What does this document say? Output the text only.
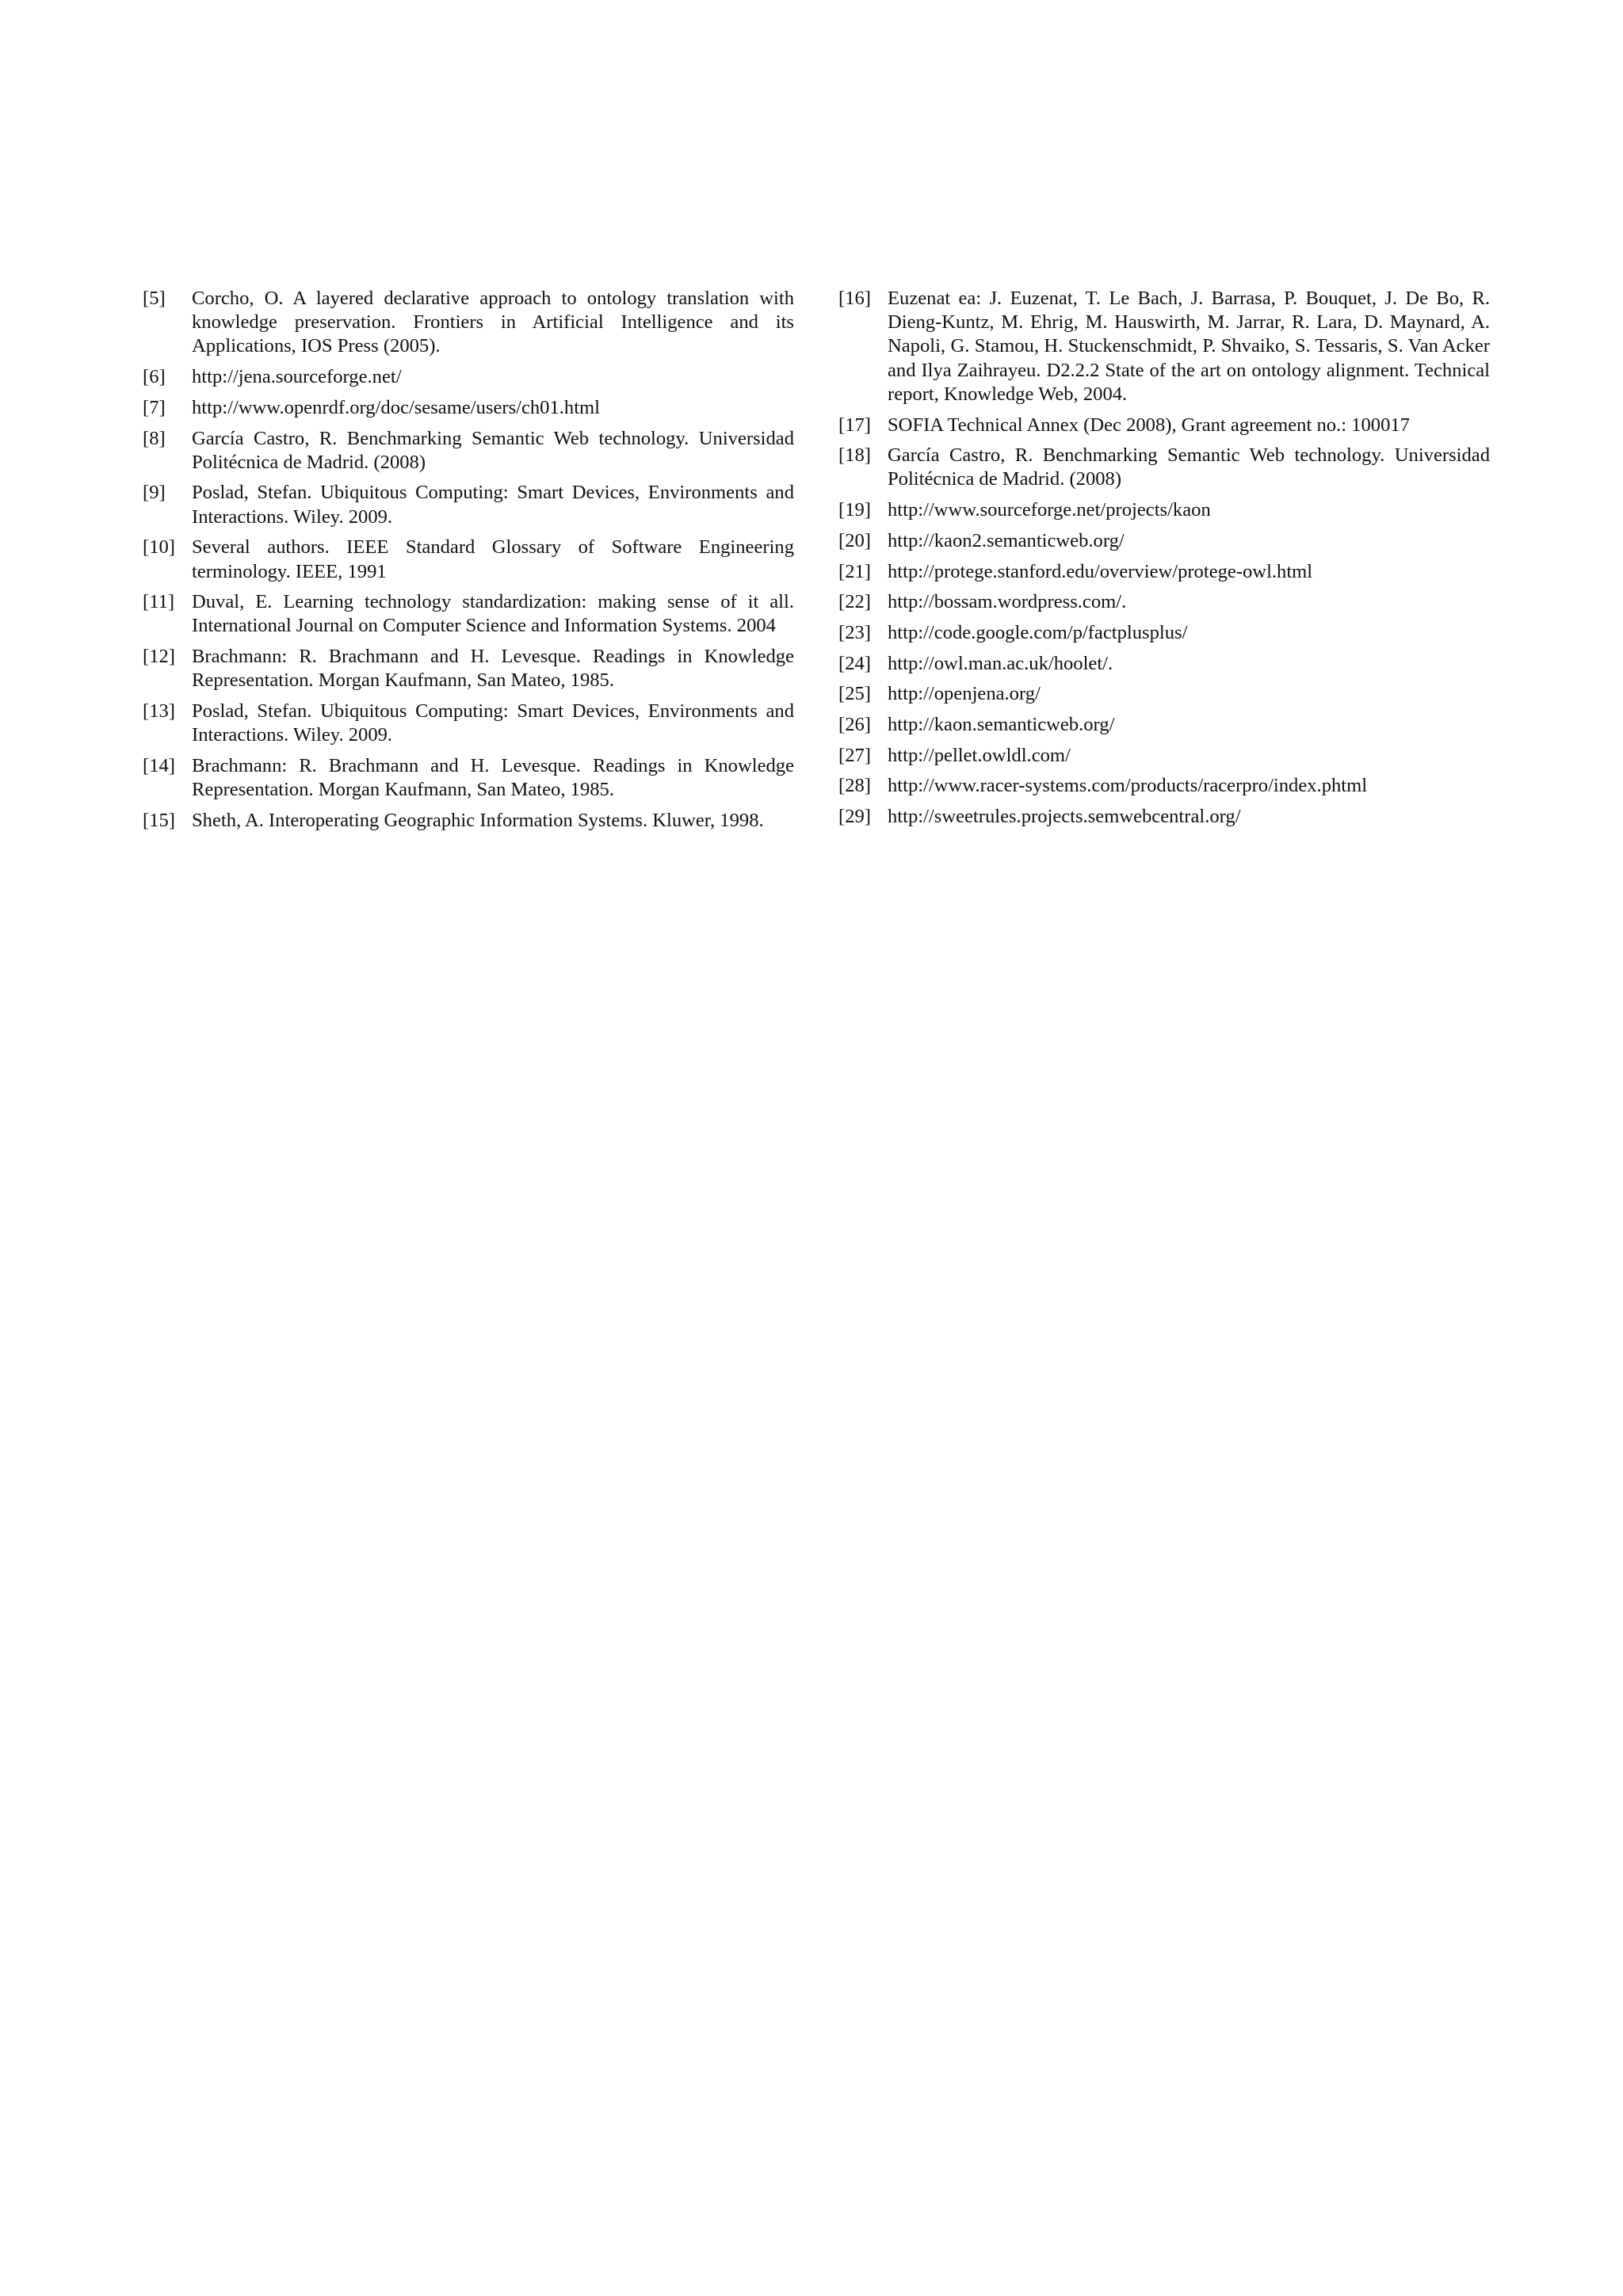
[5]	Corcho, O. A layered declarative approach to ontology translation with knowledge preservation. Frontiers in Artificial Intelligence and its Applications, IOS Press (2005).
[6]	http://jena.sourceforge.net/
[7]	http://www.openrdf.org/doc/sesame/users/ch01.html
[8]	García Castro, R. Benchmarking Semantic Web technology. Universidad Politécnica de Madrid. (2008)
[9]	Poslad, Stefan. Ubiquitous Computing: Smart Devices, Environments and Interactions. Wiley. 2009.
[10] Several authors. IEEE Standard Glossary of Software Engineering terminology. IEEE, 1991
[11] Duval, E. Learning technology standardization: making sense of it all. International Journal on Computer Science and Information Systems. 2004
[12] Brachmann: R. Brachmann and H. Levesque. Readings in Knowledge Representation. Morgan Kaufmann, San Mateo, 1985.
[13] Poslad, Stefan. Ubiquitous Computing: Smart Devices, Environments and Interactions. Wiley. 2009.
[14] Brachmann: R. Brachmann and H. Levesque. Readings in Knowledge Representation. Morgan Kaufmann, San Mateo, 1985.
[15] Sheth, A. Interoperating Geographic Information Systems. Kluwer, 1998.
[16] Euzenat ea: J. Euzenat, T. Le Bach, J. Barrasa, P. Bouquet, J. De Bo, R. Dieng-Kuntz, M. Ehrig, M. Hauswirth, M. Jarrar, R. Lara, D. Maynard, A. Napoli, G. Stamou, H. Stuckenschmidt, P. Shvaiko, S. Tessaris, S. Van Acker and Ilya Zaihrayeu. D2.2.2 State of the art on ontology alignment. Technical report, Knowledge Web, 2004.
[17] SOFIA Technical Annex (Dec 2008), Grant agreement no.: 100017
[18] García Castro, R. Benchmarking Semantic Web technology. Universidad Politécnica de Madrid. (2008)
[19] http://www.sourceforge.net/projects/kaon
[20] http://kaon2.semanticweb.org/
[21] http://protege.stanford.edu/overview/protege-owl.html
[22] http://bossam.wordpress.com/.
[23] http://code.google.com/p/factplusplus/
[24] http://owl.man.ac.uk/hoolet/.
[25] http://openjena.org/
[26] http://kaon.semanticweb.org/
[27] http://pellet.owldl.com/
[28] http://www.racer-systems.com/products/racerpro/index.phtml
[29] http://sweetrules.projects.semwebcentral.org/
